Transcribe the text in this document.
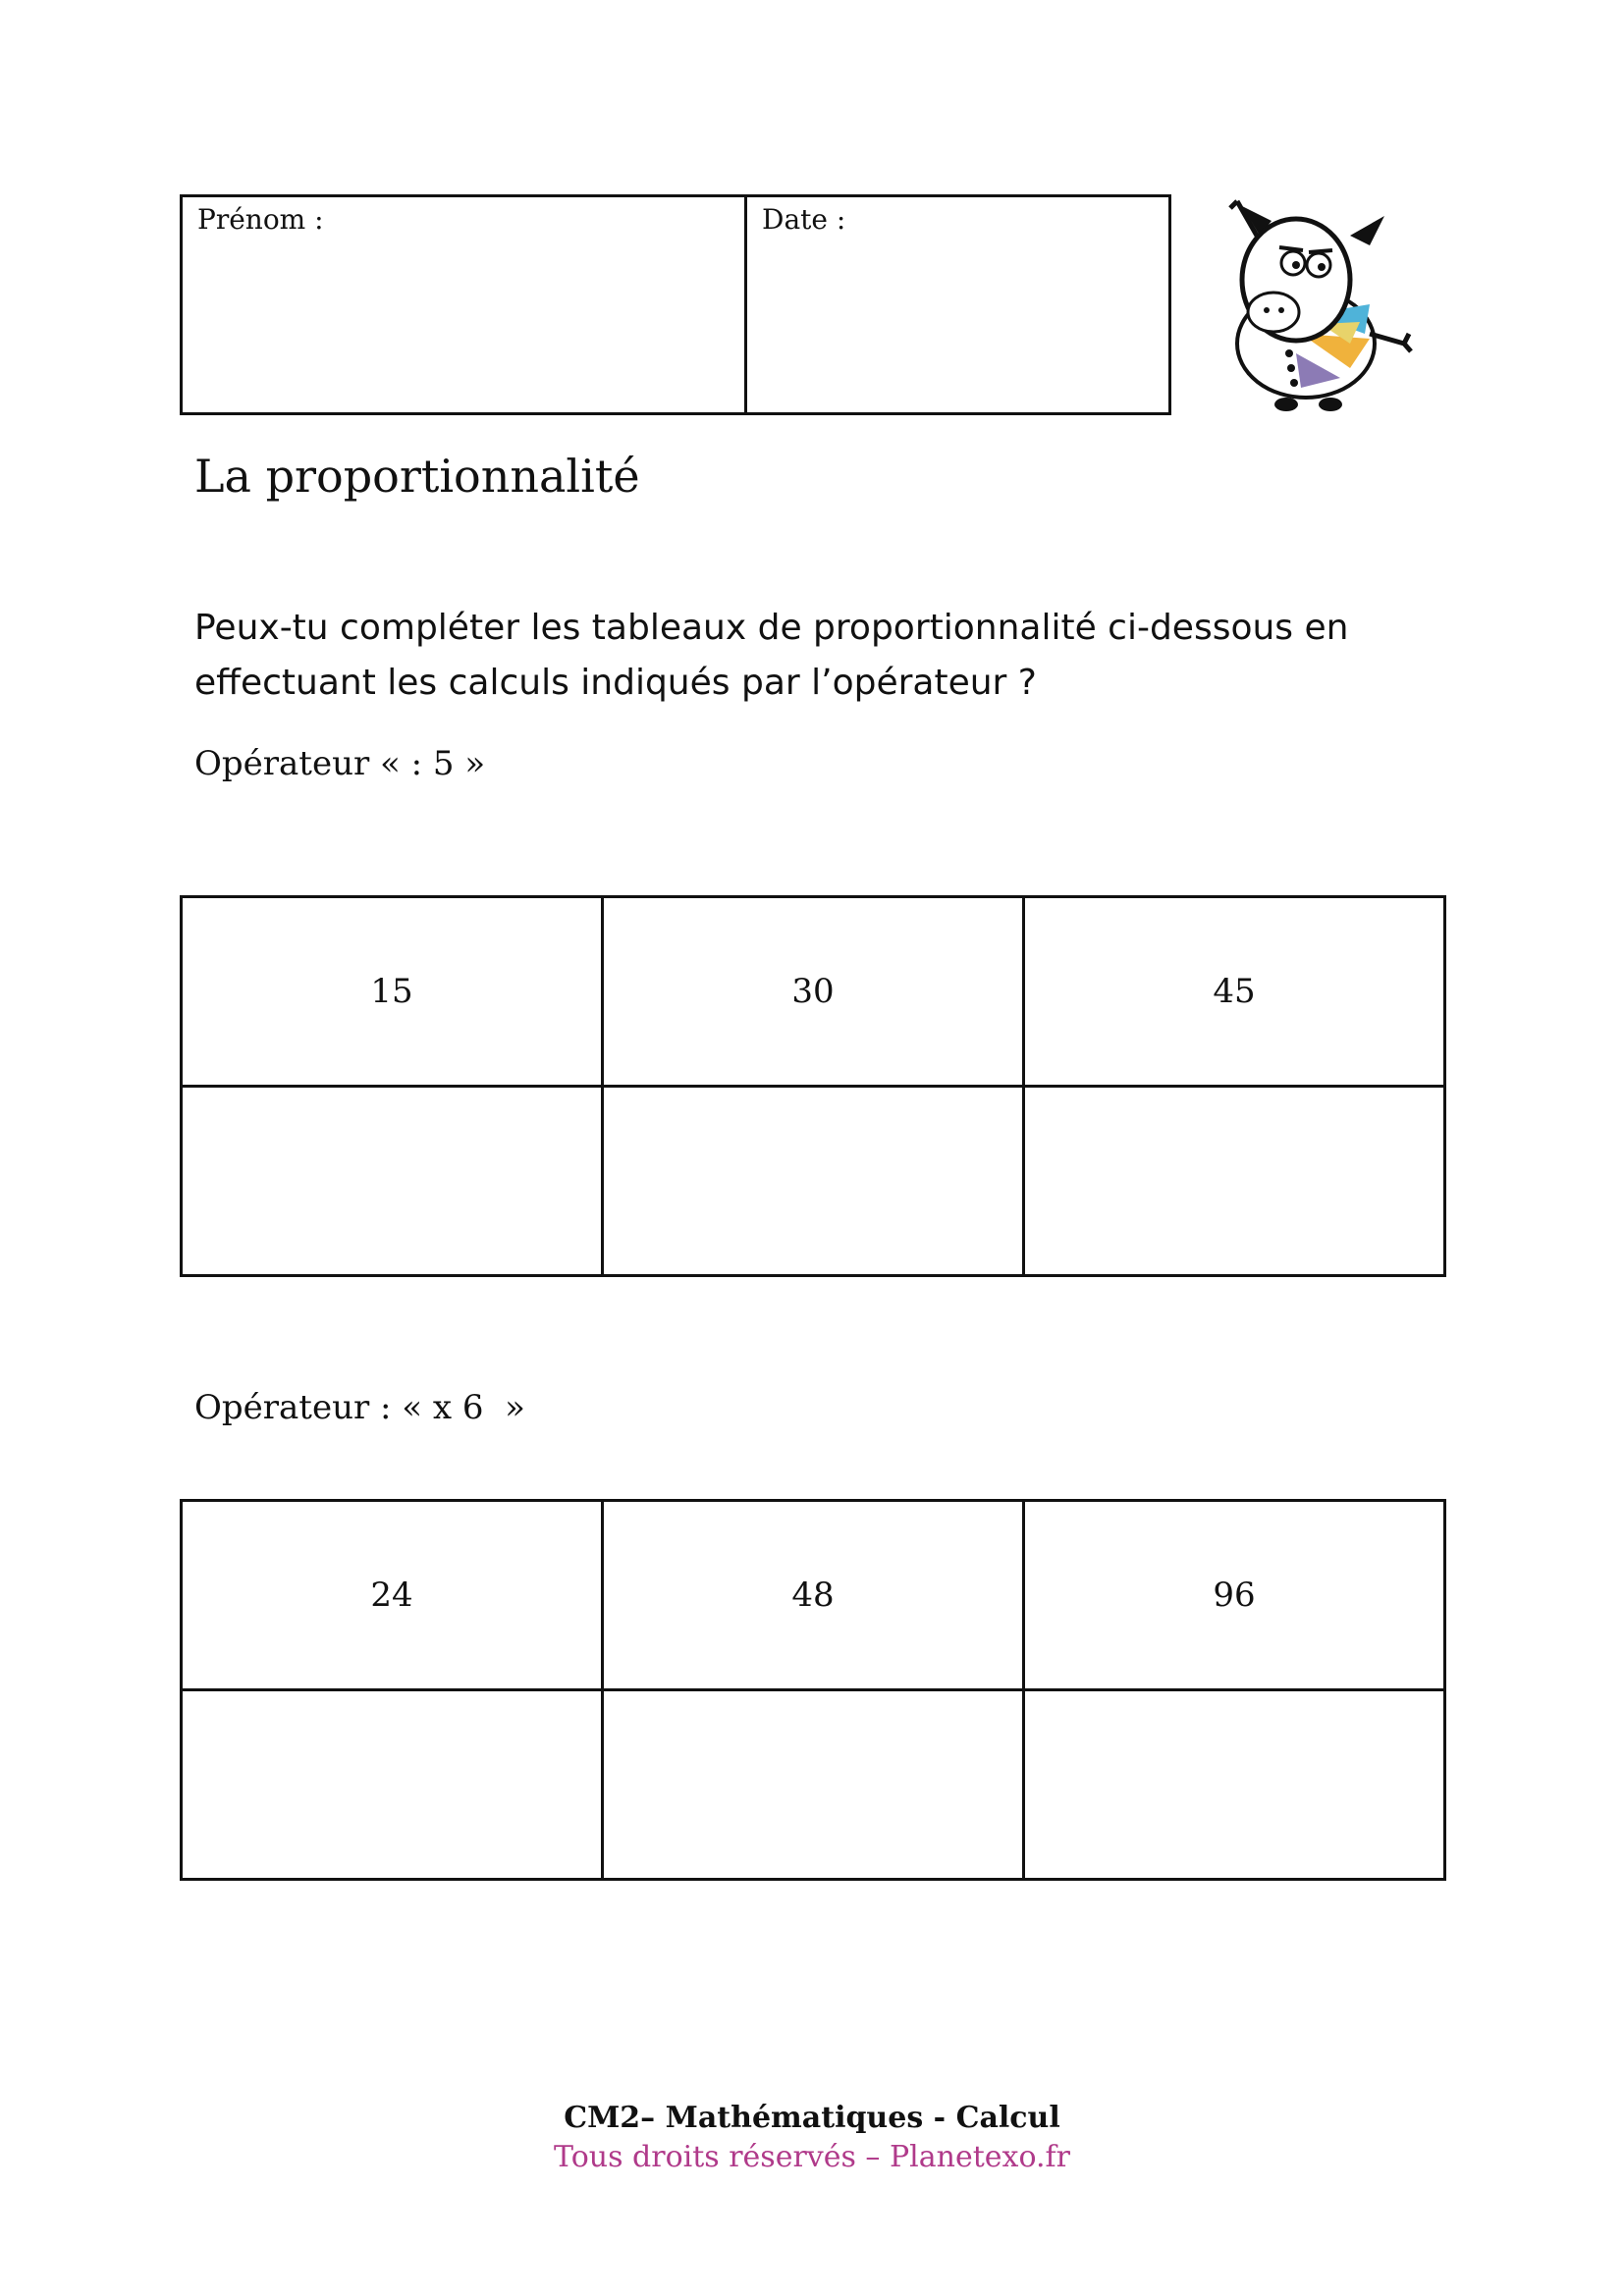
Prénom :	Date :
La proportionnalité
Peux-tu compléter les tableaux de proportionnalité ci-dessous en effectuant les calculs indiqués par l’opérateur ?
Opérateur « : 5 »
15	30	45

Opérateur : « x 6  »
24	48	96

CM2– Mathématiques - Calcul
Tous droits réservés – Planetexo.fr
